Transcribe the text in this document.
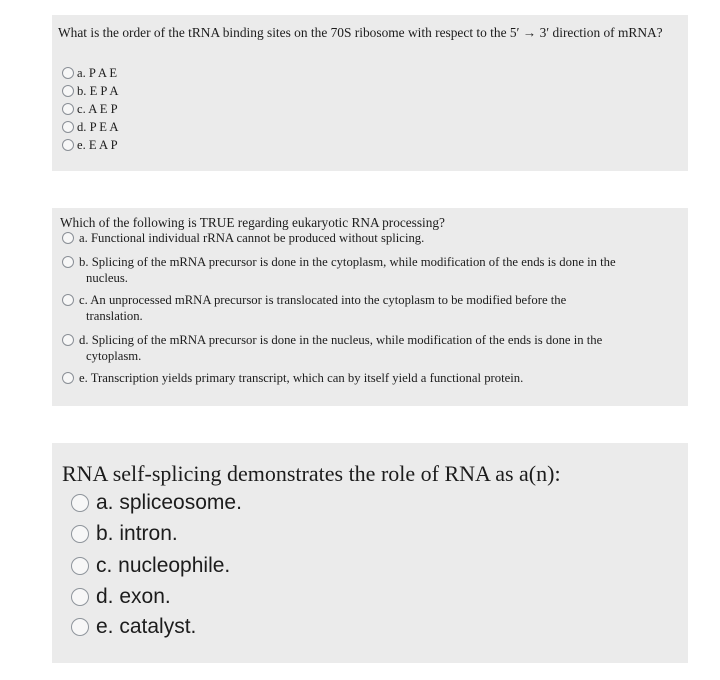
What is the order of the tRNA binding sites on the 70S ribosome with respect to the 5′ → 3′ direction of mRNA?
a. P A E
b. E P A
c. A E P
d. P E A
e. E A P
Which of the following is TRUE regarding eukaryotic RNA processing?
a. Functional individual rRNA cannot be produced without splicing.
b. Splicing of the mRNA precursor is done in the cytoplasm, while modification of the ends is done in the
nucleus.
c. An unprocessed mRNA precursor is translocated into the cytoplasm to be modified before the
translation.
d. Splicing of the mRNA precursor is done in the nucleus, while modification of the ends is done in the
cytoplasm.
e. Transcription yields primary transcript, which can by itself yield a functional protein.
RNA self-splicing demonstrates the role of RNA as a(n):
a. spliceosome.
b. intron.
c. nucleophile.
d. exon.
e. catalyst.
